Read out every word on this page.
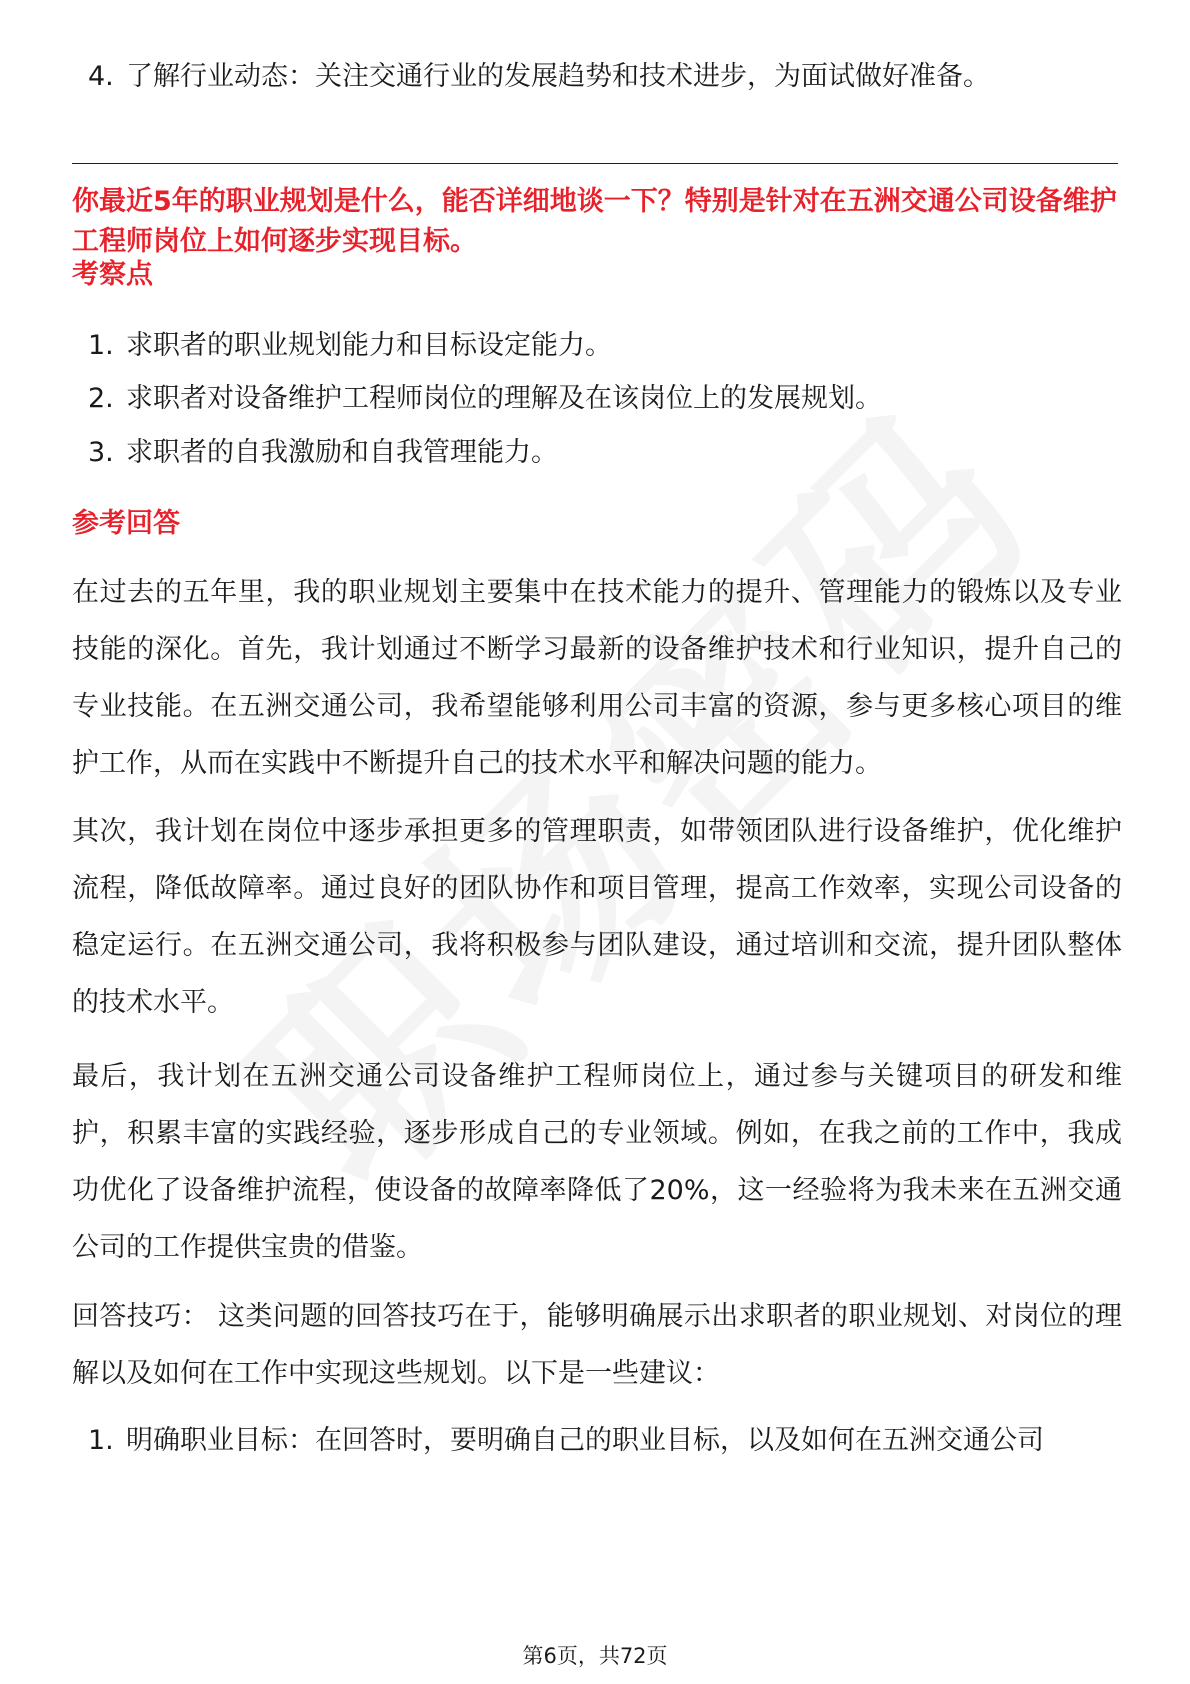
4. 了解行业动态：关注交通行业的发展趋势和技术进步，为面试做好准备。
你最近5年的职业规划是什么，能否详细地谈一下？特别是针对在五洲交通公司设备维护工程师岗位上如何逐步实现目标。
考察点
1. 求职者的职业规划能力和目标设定能力。
2. 求职者对设备维护工程师岗位的理解及在该岗位上的发展规划。
3. 求职者的自我激励和自我管理能力。
参考回答
在过去的五年里，我的职业规划主要集中在技术能力的提升、管理能力的锻炼以及专业技能的深化。首先，我计划通过不断学习最新的设备维护技术和行业知识，提升自己的专业技能。在五洲交通公司，我希望能够利用公司丰富的资源，参与更多核心项目的维护工作，从而在实践中不断提升自己的技术水平和解决问题的能力。
其次，我计划在岗位中逐步承担更多的管理职责，如带领团队进行设备维护，优化维护流程，降低故障率。通过良好的团队协作和项目管理，提高工作效率，实现公司设备的稳定运行。在五洲交通公司，我将积极参与团队建设，通过培训和交流，提升团队整体的技术水平。
最后，我计划在五洲交通公司设备维护工程师岗位上，通过参与关键项目的研发和维护，积累丰富的实践经验，逐步形成自己的专业领域。例如，在我之前的工作中，我成功优化了设备维护流程，使设备的故障率降低了20%，这一经验将为我未来在五洲交通公司的工作提供宝贵的借鉴。
回答技巧： 这类问题的回答技巧在于，能够明确展示出求职者的职业规划、对岗位的理解以及如何在工作中实现这些规划。以下是一些建议：
1. 明确职业目标：在回答时，要明确自己的职业目标，以及如何在五洲交通公司
第6页，共72页
